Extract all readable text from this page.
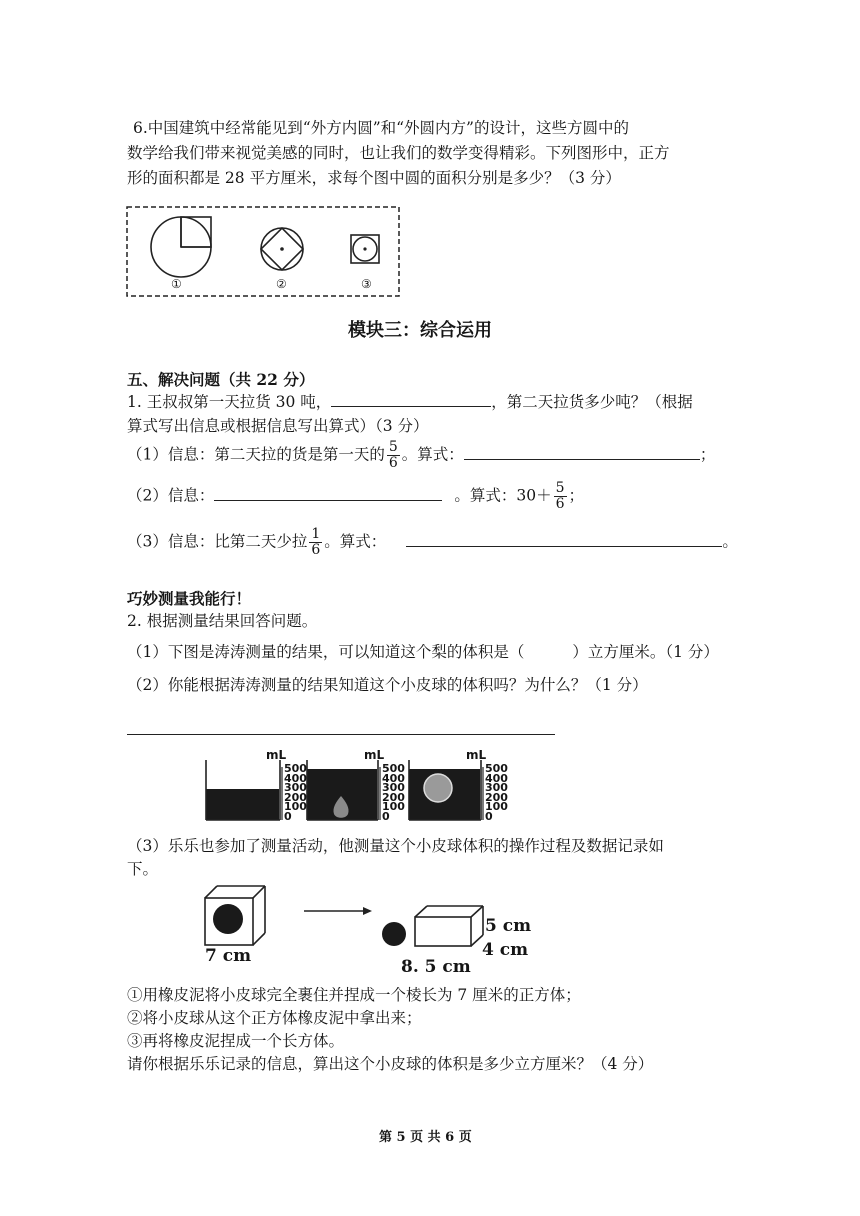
6.中国建筑中经常能见到“外方内圆”和“外圆内方”的设计，这些方圆中的
数学给我们带来视觉美感的同时，也让我们的数学变得精彩。下列图形中，正方
形的面积都是 28 平方厘米，求每个图中圆的面积分别是多少？（3 分）
①	②	③
模块三：综合运用
五、解决问题（共 22 分）
1. 王叔叔第一天拉货 30 吨，	，第二天拉货多少吨？（根据
算式写出信息或根据信息写出算式）（3 分）
（1）信息：第二天拉的货是第一天的 $\frac{5}{6}$ 。算式：	；
（2）信息：	。算式：$30+ \frac{5}{6}$ ；
（3）信息：比第二天少拉 $\frac{1}{6}$ 。算式：	。
巧妙测量我能行！
2. 根据测量结果回答问题。
（1）下图是涛涛测量的结果，可以知道这个梨的体积是（	）立方厘米。（1 分）
（2）你能根据涛涛测量的结果知道这个小皮球的体积吗？为什么？（1 分）
mL	mL	mL
500
400
300
200
100
0
500
400
300
200
100
0
500
400
300
200
100
0
（3）乐乐也参加了测量活动，他测量这个小皮球体积的操作过程及数据记录如
下。
7 cm
8. 5 cm
5 cm
4 cm
①用橡皮泥将小皮球完全裹住并捏成一个棱长为 7 厘米的正方体；
②将小皮球从这个正方体橡皮泥中拿出来；
③再将橡皮泥捏成一个长方体。
请你根据乐乐记录的信息，算出这个小皮球的体积是多少立方厘米？（4 分）
第 5 页 共 6 页
